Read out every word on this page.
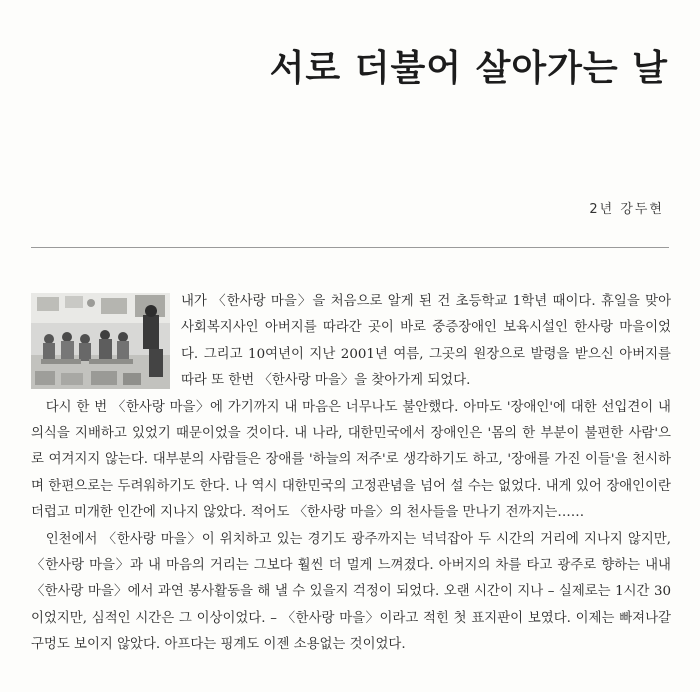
서로 더불어 살아가는 날
2년 강두현

내가 〈한사랑 마을〉을 처음으로 알게 된 건 초등학교 1학년 때이다. 휴일을 맞아 사회복지사인 아버지를 따라간 곳이 바로 중증장애인 보육시설인 한사랑 마을이었다. 그리고 10여년이 지난 2001년 여름, 그곳의 원장으로 발령을 받으신 아버지를 따라 또 한번 〈한사랑 마을〉을 찾아가게 되었다.

다시 한 번 〈한사랑 마을〉에 가기까지 내 마음은 너무나도 불안했다. 아마도 '장애인'에 대한 선입견이 내 의식을 지배하고 있었기 때문이었을 것이다. 내 나라, 대한민국에서 장애인은 '몸의 한 부분이 불편한 사람'으로 여겨지지 않는다. 대부분의 사람들은 장애를 '하늘의 저주'로 생각하기도 하고, '장애를 가진 이들'을 천시하며 한편으로는 두려워하기도 한다. 나 역시 대한민국의 고정관념을 넘어 설 수는 없었다. 내게 있어 장애인이란 더럽고 미개한 인간에 지나지 않았다. 적어도 〈한사랑 마을〉의 천사들을 만나기 전까지는……

인천에서 〈한사랑 마을〉이 위치하고 있는 경기도 광주까지는 넉넉잡아 두 시간의 거리에 지나지 않지만, 〈한사랑 마을〉과 내 마음의 거리는 그보다 훨씬 더 멀게 느껴졌다. 아버지의 차를 타고 광주로 향하는 내내 〈한사랑 마을〉에서 과연 봉사활동을 해 낼 수 있을지 걱정이 되었다. 오랜 시간이 지나 – 실제로는 1시간 30이었지만, 심적인 시간은 그 이상이었다. – 〈한사랑 마을〉이라고 적힌 첫 표지판이 보였다. 이제는 빠져나갈 구멍도 보이지 않았다. 아프다는 핑계도 이젠 소용없는 것이었다.
